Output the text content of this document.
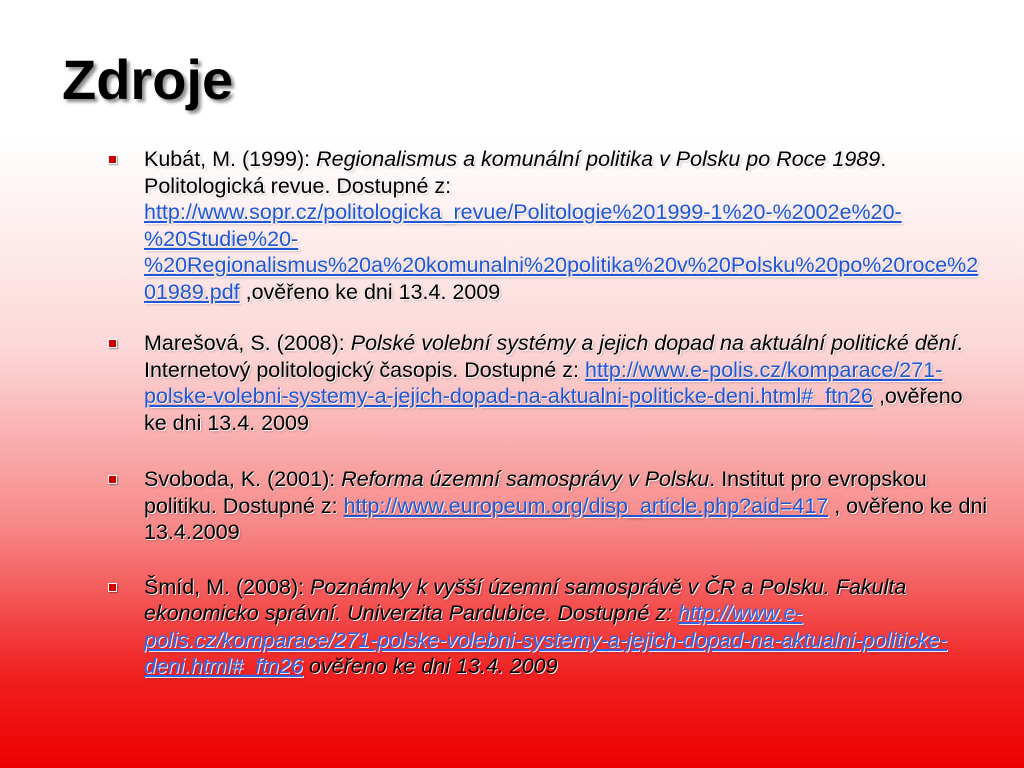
Zdroje
Kubát, M. (1999): Regionalismus a komunální politika v Polsku po Roce 1989. Politologická revue. Dostupné z: http://www.sopr.cz/politologicka_revue/Politologie%201999-1%20-%2002e%20-%20Studie%20-%20Regionalismus%20a%20komunalni%20politika%20v%20Polsku%20po%20roce%201989.pdf ,ověřeno ke dni 13.4. 2009
Marešová, S. (2008): Polské volební systémy a jejich dopad na aktuální politické dění. Internetový politologický časopis. Dostupné z: http://www.e-polis.cz/komparace/271-polske-volebni-systemy-a-jejich-dopad-na-aktualni-politicke-deni.html#_ftn26 ,ověřeno ke dni 13.4. 2009
Svoboda, K. (2001): Reforma územní samosprávy v Polsku. Institut pro evropskou politiku. Dostupné z: http://www.europeum.org/disp_article.php?aid=417 , ověřeno ke dni 13.4.2009
Šmíd, M. (2008): Poznámky k vyšší územní samosprávě v ČR a Polsku. Fakulta ekonomicko správní. Univerzita Pardubice. Dostupné z: http://www.e-polis.cz/komparace/271-polske-volebni-systemy-a-jejich-dopad-na-aktualni-politicke-deni.html#_ftn26 ověřeno ke dni 13.4. 2009
